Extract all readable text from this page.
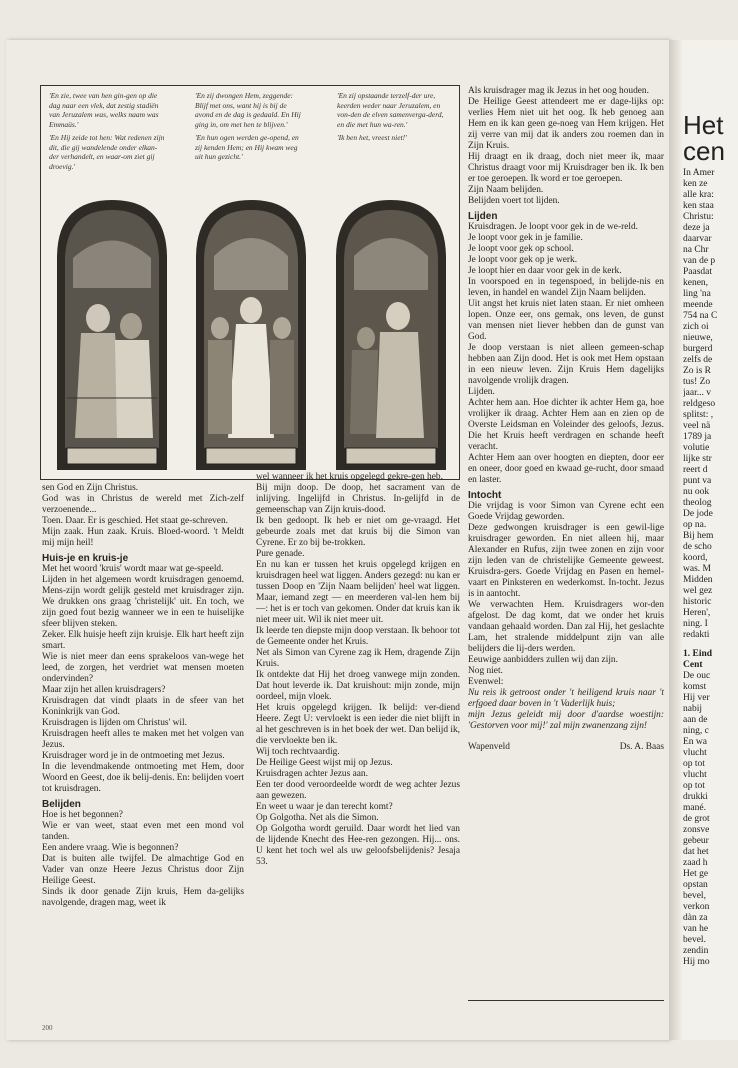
'En zie, twee van hen gin-gen op die dag naar een vlek, dat zestig stadiën van Jeruzalem was, welks naam was Emmaüs.'

'En Hij zeide tot hen: Wat redenen zijn dit, die gij wandelende onder elkan-der verhandelt, en waar-om ziet gij droevig.'

'En zij dwongen Hem, zeggende: Blijf met ons, want hij is bij de avond en de dag is gedaald. En Hij ging in, om met hen te blijven.'

'En hun ogen werden ge-opend, en zij kenden Hem; en Hij kwam weg uit hun gezicht.'

'En zij opstaande terzelf-der ure, keerden weder naar Jeruzalem, en von-den de elven samenverga-derd, en die met hun wa-ren.'

'Ik ben het, vreest niet!'

sen God en Zijn Christus.

God was in Christus de wereld met Zich-zelf verzoenende...

Toen. Daar. Er is geschied. Het staat ge-schreven.

Mijn zaak. Hun zaak. Kruis. Bloed-woord. 't Meldt mij mijn heil!

Huis-je en kruis-je

Met het woord 'kruis' wordt maar wat ge-speeld.

Lijden in het algemeen wordt kruisdragen genoemd. Mens-zijn wordt gelijk gesteld met kruisdrager zijn. We drukken ons graag 'christelijk' uit. En toch, we zijn goed fout bezig wanneer we in een te huiselijke sfeer blijven steken.

Zeker. Elk huisje heeft zijn kruisje. Elk hart heeft zijn smart.

Wie is niet meer dan eens sprakeloos van-wege het leed, de zorgen, het verdriet wat mensen moeten ondervinden?

Maar zijn het allen kruisdragers?

Kruisdragen dat vindt plaats in de sfeer van het Koninkrijk van God.

Kruisdragen is lijden om Christus' wil.

Kruisdragen heeft alles te maken met het volgen van Jezus.

Kruisdrager word je in de ontmoeting met Jezus.

In die levendmakende ontmoeting met Hem, door Woord en Geest, doe ik belij-denis. En: belijden voert tot kruisdragen.

Belijden

Hoe is het begonnen?

Wie er van weet, staat even met een mond vol tanden.

Een andere vraag. Wie is begonnen?

Dat is buiten alle twijfel. De almachtige God en Vader van onze Heere Jezus Christus door Zijn Heilige Geest.

Sinds ik door genade Zijn kruis, Hem da-gelijks navolgende, dragen mag, weet ik

wel wanneer ik het kruis opgelegd gekre-gen heb.

Bij mijn doop. De doop, het sacrament van de inlijving. Ingelijfd in Christus. In-gelijfd in de gemeenschap van Zijn kruis-dood.

Ik ben gedoopt. Ik heb er niet om ge-vraagd. Het gebeurde zoals met dat kruis bij die Simon van Cyrene. Er zo bij be-trokken.

Pure genade.

En nu kan er tussen het kruis opgelegd krijgen en kruisdragen heel wat liggen. Anders gezegd: nu kan er tussen Doop en 'Zijn Naam belijden' heel wat liggen. Maar, iemand zegt — en meerderen val-len hem bij —: het is er toch van gekomen. Onder dat kruis kan ik niet meer uit. Wil ik niet meer uit.

Ik leerde ten diepste mijn doop verstaan. Ik behoor tot de Gemeente onder het Kruis.

Net als Simon van Cyrene zag ik Hem, dragende Zijn Kruis.

Ik ontdekte dat Hij het droeg vanwege mijn zonden. Dat hout leverde ik. Dat kruishout: mijn zonde, mijn oordeel, mijn vloek.

Het kruis opgelegd krijgen. Ik belijd: ver-diend Heere. Zegt U: vervloekt is een ieder die niet blijft in al het geschreven is in het boek der wet. Dan belijd ik, die vervloekte ben ik.

Wij toch rechtvaardig.

De Heilige Geest wijst mij op Jezus.

Kruisdragen achter Jezus aan.

Een ter dood veroordeelde wordt de weg achter Jezus aan gewezen.

En weet u waar je dan terecht komt?

Op Golgotha. Net als die Simon.

Op Golgotha wordt geruild. Daar wordt het lied van de lijdende Knecht des Hee-ren gezongen. Hij... ons. U kent het toch wel als uw geloofsbelijdenis? Jesaja 53.

Als kruisdrager mag ik Jezus in het oog houden.

De Heilige Geest attendeert me er dage-lijks op: verlies Hem niet uit het oog. Ik heb genoeg aan Hem en ik kan geen ge-noeg van Hem krijgen. Het zij verre van mij dat ik anders zou roemen dan in Zijn Kruis.

Hij draagt en ik draag, doch niet meer ik, maar Christus draagt voor mij Kruisdrager ben ik. Ik ben er toe geroepen. Ik word er toe geroepen.

Zijn Naam belijden.

Belijden voert tot lijden.

Lijden

Kruisdragen. Je loopt voor gek in de we-reld.

Je loopt voor gek in je familie.

Je loopt voor gek op school.

Je loopt voor gek op je werk.

Je loopt hier en daar voor gek in de kerk.

In voorspoed en in tegenspoed, in belijde-nis en leven, in handel en wandel Zijn Naam belijden.

Uit angst het kruis niet laten staan. Er niet omheen lopen. Onze eer, ons gemak, ons leven, de gunst van mensen niet liever hebben dan de gunst van God.

Je doop verstaan is niet alleen gemeen-schap hebben aan Zijn dood. Het is ook met Hem opstaan in een nieuw leven. Zijn Kruis Hem dagelijks navolgende vrolijk dragen.

Lijden.

Achter hem aan. Hoe dichter ik achter Hem ga, hoe vrolijker ik draag. Achter Hem aan en zien op de Overste Leidsman en Voleinder des geloofs, Jezus. Die het Kruis heeft verdragen en schande heeft veracht.

Achter Hem aan over hoogten en diepten, door eer en oneer, door goed en kwaad ge-rucht, door smaad en laster.

Intocht

Die vrijdag is voor Simon van Cyrene echt een Goede Vrijdag geworden.

Deze gedwongen kruisdrager is een gewil-lige kruisdrager geworden. En niet alleen hij, maar Alexander en Rufus, zijn twee zonen en zijn voor zijn leden van de christelijke Gemeente geweest. Kruisdra-gers. Goede Vrijdag en Pasen en hemel-vaart en Pinksteren en wederkomst. In-tocht. Jezus is in aantocht.

We verwachten Hem. Kruisdragers wor-den afgelost. De dag komt, dat we onder het kruis vandaan gehaald worden. Dan zal Hij, het geslachte Lam, het stralende middelpunt zijn van alle belijders die lij-ders werden.

Eeuwige aanbidders zullen wij dan zijn.

Nog niet.

Evenwel:

Nu reis ik getroost onder 't heiligend kruis naar 't erfgoed daar boven in 't Vaderlijk huis;

mijn Jezus geleidt mij door d'aardse woestijn: 'Gestorven voor mij!' zal mijn zwanenzang zijn!

Wapenveld	Ds. A. Baas
200
Het
cen
In Amer
ken ze
alle kra:
ken staa
Christu:
deze ja
daarvar
na Chr
van de p
Paasdat
kenen,
ling 'na
meende
754 na C
zich oi
nieuwe,
burgerd
zelfs de
Zo is R
tus! Zo
jaar... v
reldgeso
splitst: ,
veel nä
1789 ja
volutie
lijke str
reert d
punt va
nu ook
theolog
De jode
op na.
Bij hem
de scho
koord,
was. M
Midden
wel gez
historic
Heren',
ning. I
redakti
1. Eind
Cent
De ouc
komst
Hij ver
nabij
aan de
ning, c
En wa
vlucht
op tot
vlucht
op tot
drukki
mané.
de grot
zonsve
gebeur
dat het
zaad h
Het ge
opstan
bevel,
verkon
dàn za
van he
bevel.
zendin
Hij mo
